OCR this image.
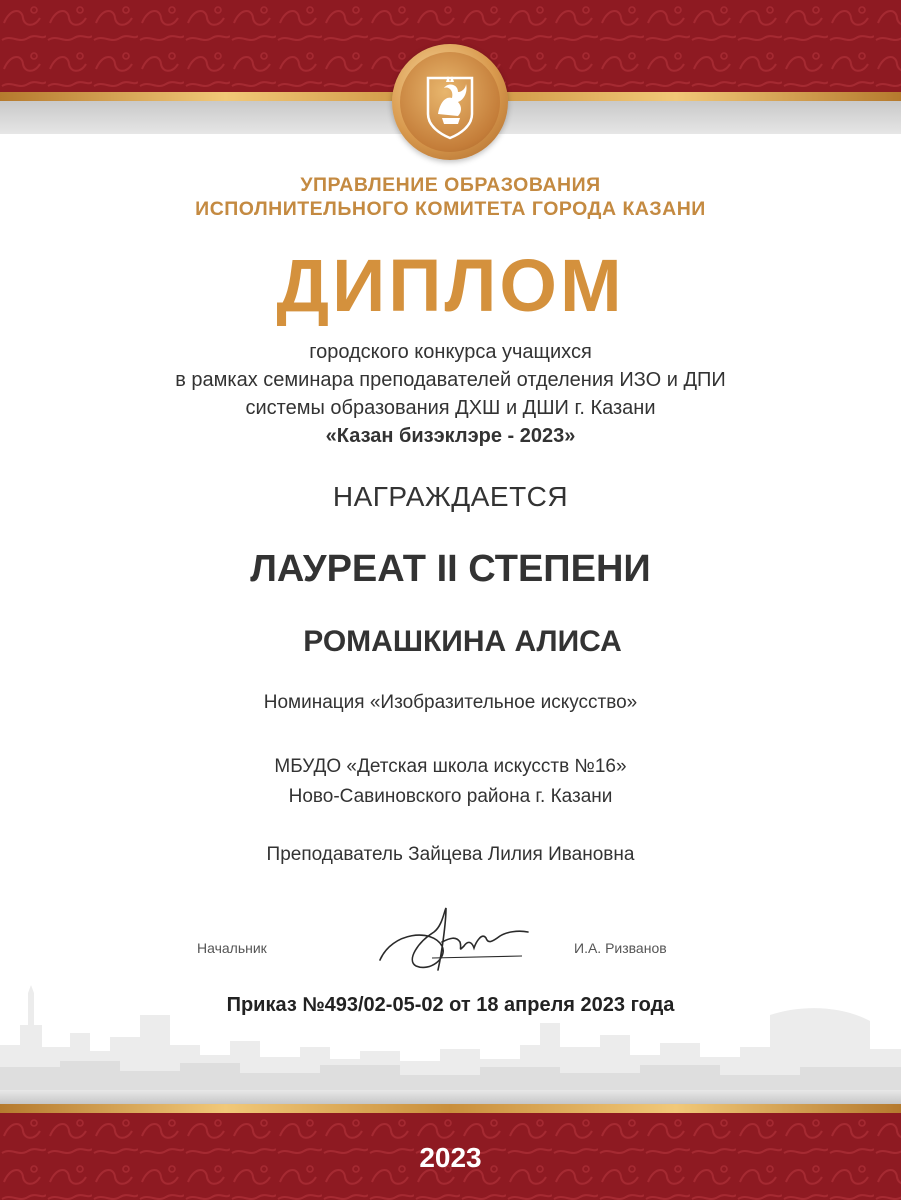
УПРАВЛЕНИЕ ОБРАЗОВАНИЯ
ИСПОЛНИТЕЛЬНОГО КОМИТЕТА ГОРОДА КАЗАНИ
ДИПЛОМ
городского конкурса учащихся
в рамках семинара преподавателей отделения ИЗО и ДПИ
системы образования ДХШ и ДШИ г. Казани
«Казан бизэклэре - 2023»
НАГРАЖДАЕТСЯ
ЛАУРЕАТ II СТЕПЕНИ
РОМАШКИНА АЛИСА
Номинация «Изобразительное искусство»
МБУДО «Детская школа искусств №16»
Ново-Савиновского района г. Казани
Преподаватель Зайцева Лилия Ивановна
Начальник	И.А. Ризванов
Приказ №493/02-05-02 от 18 апреля 2023 года
2023
